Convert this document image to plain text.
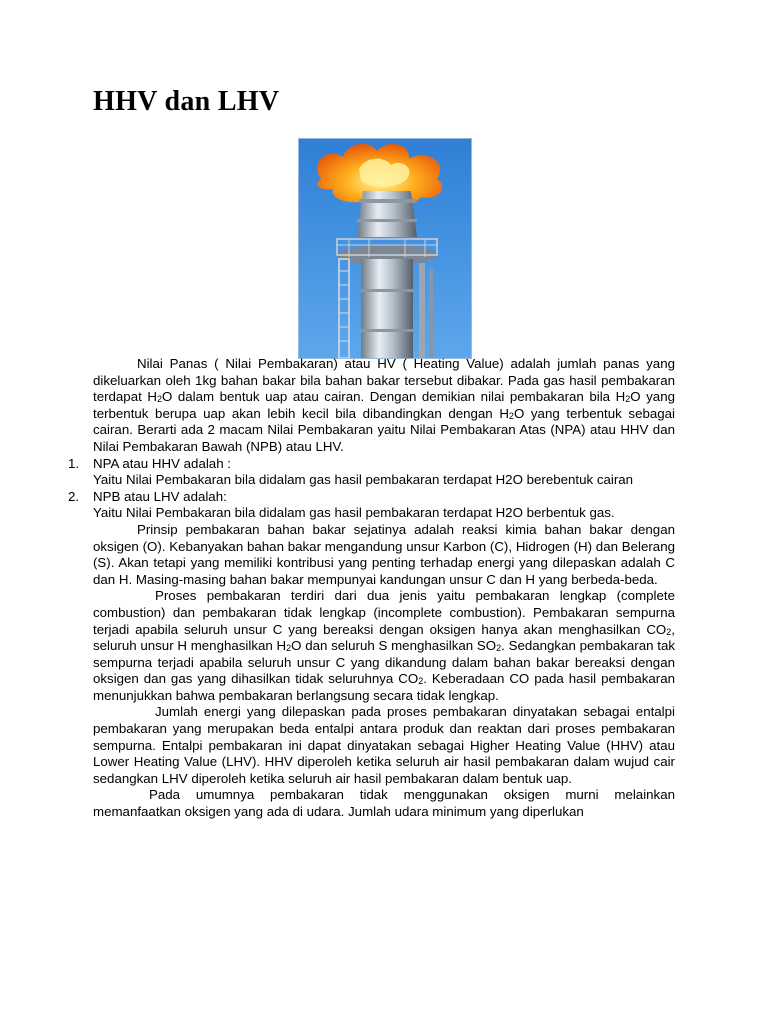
HHV dan LHV

Nilai Panas ( Nilai Pembakaran) atau HV ( Heating Value) adalah jumlah panas yang dikeluarkan oleh 1kg bahan bakar bila bahan bakar tersebut dibakar. Pada gas hasil pembakaran terdapat $H_2O$ dalam bentuk uap atau cairan. Dengan demikian nilai pembakaran bila $H_2O$ yang terbentuk berupa uap akan lebih kecil bila dibandingkan dengan $H_2O$ yang terbentuk sebagai cairan. Berarti ada 2 macam Nilai Pembakaran yaitu Nilai Pembakaran Atas (NPA) atau HHV dan Nilai Pembakaran Bawah (NPB) atau LHV.

1. NPA atau HHV adalah :

Yaitu Nilai Pembakaran bila didalam gas hasil pembakaran terdapat H2O berebentuk cairan

2. NPB atau LHV adalah:

Yaitu Nilai Pembakaran bila didalam gas hasil pembakaran terdapat H2O berbentuk gas.

Prinsip pembakaran bahan bakar sejatinya adalah reaksi kimia bahan bakar dengan oksigen (O). Kebanyakan bahan bakar mengandung unsur Karbon (C), Hidrogen (H) dan Belerang (S). Akan tetapi yang memiliki kontribusi yang penting terhadap energi yang dilepaskan adalah C dan H. Masing-masing bahan bakar mempunyai kandungan unsur C dan H yang berbeda-beda.

Proses pembakaran terdiri dari dua jenis yaitu pembakaran lengkap (complete combustion) dan pembakaran tidak lengkap (incomplete combustion). Pembakaran sempurna terjadi apabila seluruh unsur C yang bereaksi dengan oksigen hanya akan menghasilkan $CO_2$, seluruh unsur H menghasilkan $H_2O$ dan seluruh S menghasilkan $SO_2$. Sedangkan pembakaran tak sempurna terjadi apabila seluruh unsur C yang dikandung dalam bahan bakar bereaksi dengan oksigen dan gas yang dihasilkan tidak seluruhnya $CO_2$. Keberadaan CO pada hasil pembakaran menunjukkan bahwa pembakaran berlangsung secara tidak lengkap.

Jumlah energi yang dilepaskan pada proses pembakaran dinyatakan sebagai entalpi pembakaran yang merupakan beda entalpi antara produk dan reaktan dari proses pembakaran sempurna. Entalpi pembakaran ini dapat dinyatakan sebagai Higher Heating Value (HHV) atau Lower Heating Value (LHV). HHV diperoleh ketika seluruh air hasil pembakaran dalam wujud cair sedangkan LHV diperoleh ketika seluruh air hasil pembakaran dalam bentuk uap.

Pada umumnya pembakaran tidak menggunakan oksigen murni melainkan memanfaatkan oksigen yang ada di udara. Jumlah udara minimum yang diperlukan
